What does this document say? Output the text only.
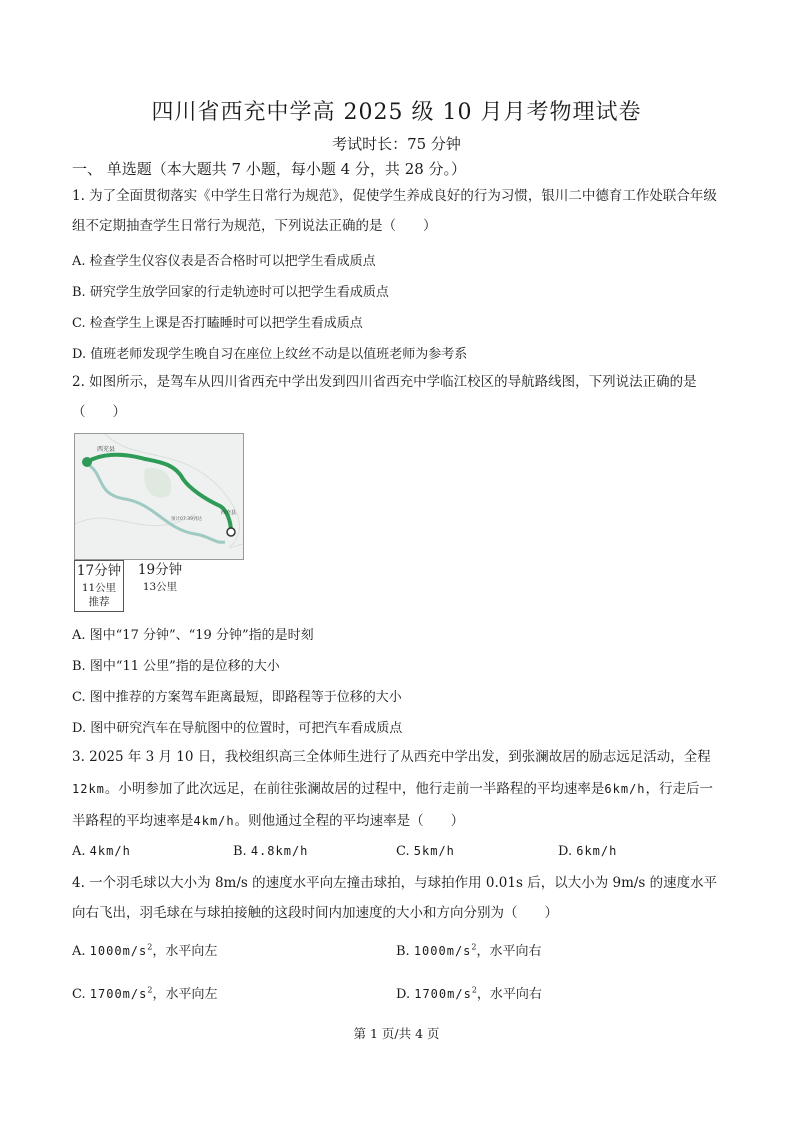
四川省西充中学高 2025 级 10 月月考物理试卷
考试时长：75 分钟
一、 单选题（本大题共 7 小题，每小题 4 分，共 28 分。）
1. 为了全面贯彻落实《中学生日常行为规范》，促使学生养成良好的行为习惯，银川二中德育工作处联合年级组不定期抽查学生日常行为规范，下列说法正确的是（　　）
A. 检查学生仪容仪表是否合格时可以把学生看成质点
B. 研究学生放学回家的行走轨迹时可以把学生看成质点
C. 检查学生上课是否打瞌睡时可以把学生看成质点
D. 值班老师发现学生晚自习在座位上纹丝不动是以值班老师为参考系
2. 如图所示，是驾车从四川省西充中学出发到四川省西充中学临江校区的导航路线图，下列说法正确的是（　　）
西充县
预计07:39到达
西充县
17分钟
11公里
推荐
19分钟
13公里
A. 图中“17 分钟”、“19 分钟”指的是时刻
B. 图中“11 公里”指的是位移的大小
C. 图中推荐的方案驾车距离最短，即路程等于位移的大小
D. 图中研究汽车在导航图中的位置时，可把汽车看成质点
3. 2025 年 3 月 10 日，我校组织高三全体师生进行了从西充中学出发，到张澜故居的励志远足活动，全程 12km。小明参加了此次远足，在前往张澜故居的过程中，他行走前一半路程的平均速率是6km/h，行走后一半路程的平均速率是4km/h。则他通过全程的平均速率是（　　）
A. 4km/h	B. 4.8km/h	C. 5km/h	D. 6km/h
4. 一个羽毛球以大小为 8m/s 的速度水平向左撞击球拍，与球拍作用 0.01s 后，以大小为 9m/s 的速度水平向右飞出，羽毛球在与球拍接触的这段时间内加速度的大小和方向分别为（　　）
A. $1000m/s^2$，水平向左	B. $1000m/s^2$，水平向右
C. $1700m/s^2$，水平向左	D. $1700m/s^2$，水平向右
第 1 页/共 4 页
